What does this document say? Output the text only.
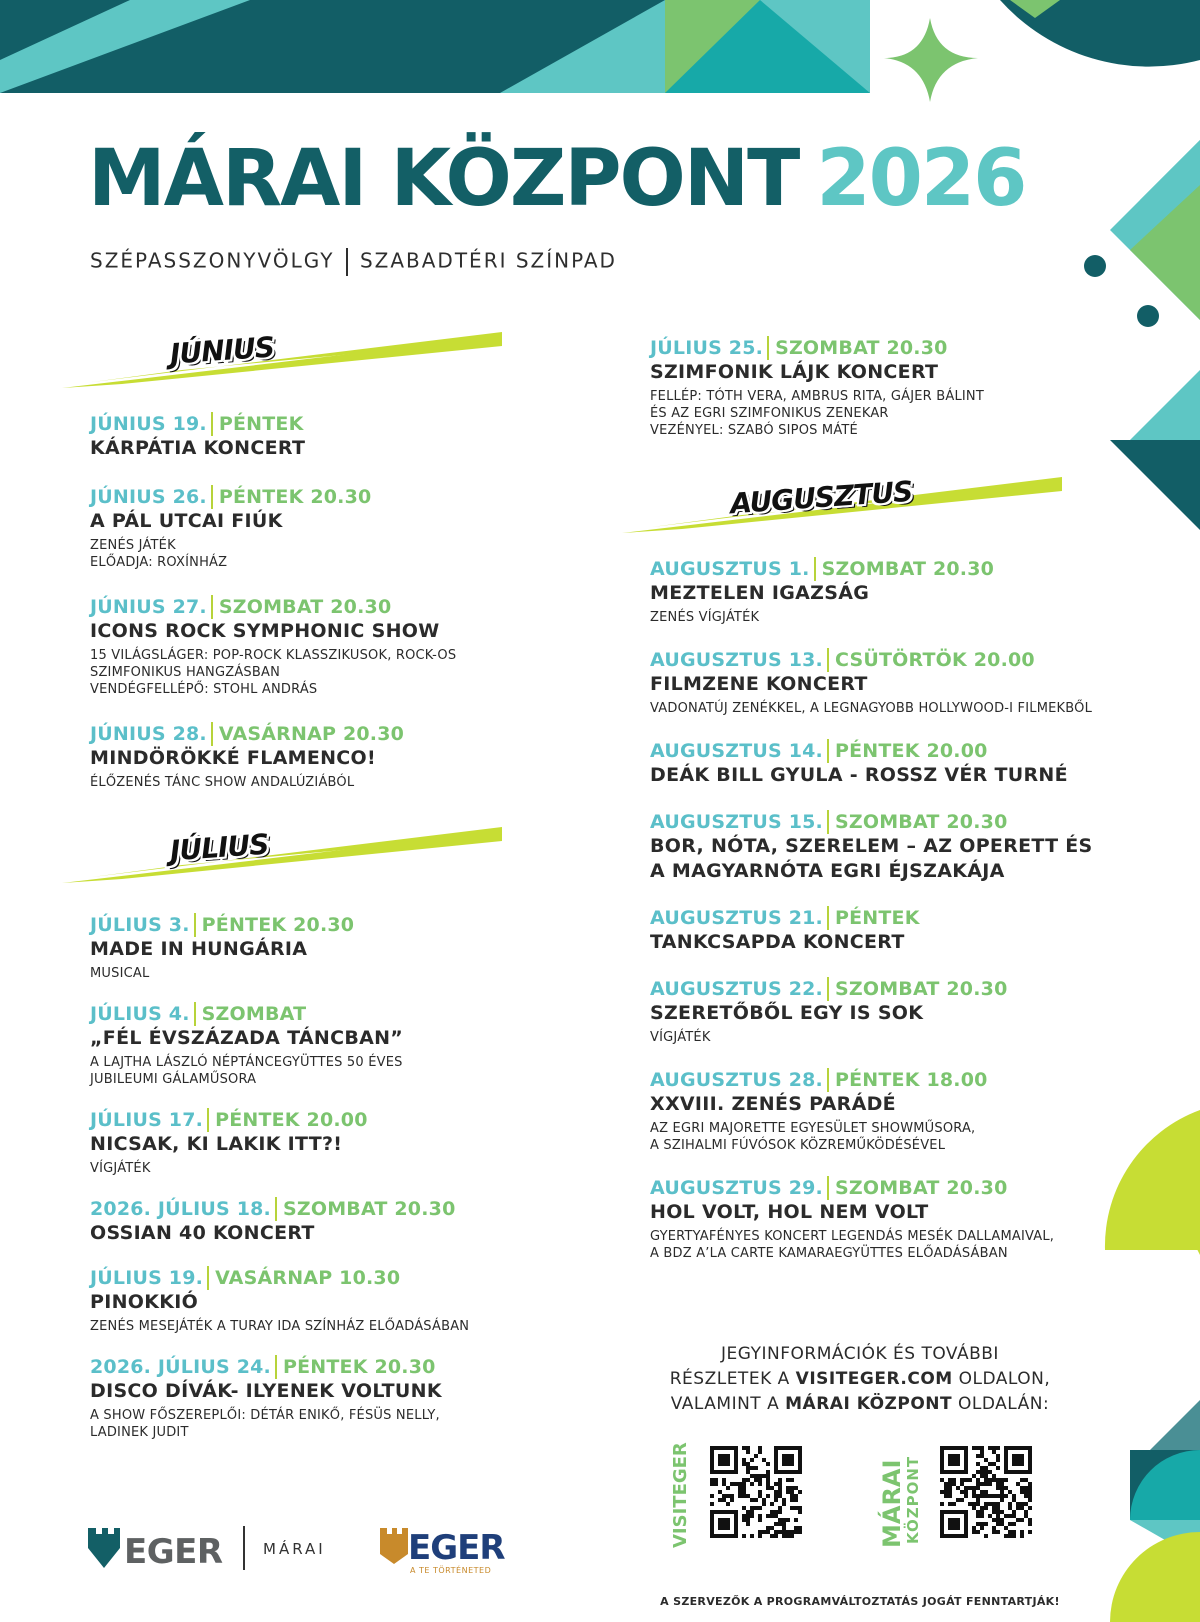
MÁRAI KÖZPONT 2026
SZÉPASSZONYVÖLGY SZABADTÉRI SZÍNPAD
JÚNIUS
JÚNIUS 19. PÉNTEK
KÁRPÁTIA KONCERT
JÚNIUS 26. PÉNTEK 20.30
A PÁL UTCAI FIÚK
ZENÉS JÁTÉK
ELŐADJA: ROXÍNHÁZ
JÚNIUS 27. SZOMBAT 20.30
ICONS ROCK SYMPHONIC SHOW
15 VILÁGSLÁGER: POP-ROCK KLASSZIKUSOK, ROCK-OS
SZIMFONIKUS HANGZÁSBAN
VENDÉGFELLÉPŐ: STOHL ANDRÁS
JÚNIUS 28. VASÁRNAP 20.30
MINDÖRÖKKÉ FLAMENCO!
ÉLŐZENÉS TÁNC SHOW ANDALÚZIÁBÓL
JÚLIUS
JÚLIUS 3. PÉNTEK 20.30
MADE IN HUNGÁRIA
MUSICAL
JÚLIUS 4. SZOMBAT
„FÉL ÉVSZÁZADA TÁNCBAN”
A LAJTHA LÁSZLÓ NÉPTÁNCEGYÜTTES 50 ÉVES
JUBILEUMI GÁLAMŰSORA
JÚLIUS 17. PÉNTEK 20.00
NICSAK, KI LAKIK ITT?!
VÍGJÁTÉK
2026. JÚLIUS 18. SZOMBAT 20.30
OSSIAN 40 KONCERT
JÚLIUS 19. VASÁRNAP 10.30
PINOKKIÓ
ZENÉS MESEJÁTÉK A TURAY IDA SZÍNHÁZ ELŐADÁSÁBAN
2026. JÚLIUS 24. PÉNTEK 20.30
DISCO DÍVÁK- ILYENEK VOLTUNK
A SHOW FŐSZEREPLŐI: DÉTÁR ENIKŐ, FÉSÜS NELLY,
LADINEK JUDIT
JÚLIUS 25. SZOMBAT 20.30
SZIMFONIK LÁJK KONCERT
FELLÉP: TÓTH VERA, AMBRUS RITA, GÁJER BÁLINT
ÉS AZ EGRI SZIMFONIKUS ZENEKAR
VEZÉNYEL: SZABÓ SIPOS MÁTÉ
AUGUSZTUS
AUGUSZTUS 1. SZOMBAT 20.30
MEZTELEN IGAZSÁG
ZENÉS VÍGJÁTÉK
AUGUSZTUS 13. CSÜTÖRTÖK 20.00
FILMZENE KONCERT
VADONATÚJ ZENÉKKEL, A LEGNAGYOBB HOLLYWOOD-I FILMEKBŐL
AUGUSZTUS 14. PÉNTEK 20.00
DEÁK BILL GYULA - ROSSZ VÉR TURNÉ
AUGUSZTUS 15. SZOMBAT 20.30
BOR, NÓTA, SZERELEM – AZ OPERETT ÉS
A MAGYARNÓTA EGRI ÉJSZAKÁJA
AUGUSZTUS 21. PÉNTEK
TANKCSAPDA KONCERT
AUGUSZTUS 22. SZOMBAT 20.30
SZERETŐBŐL EGY IS SOK
VÍGJÁTÉK
AUGUSZTUS 28. PÉNTEK 18.00
XXVIII. ZENÉS PARÁDÉ
AZ EGRI MAJORETTE EGYESÜLET SHOWMŰSORA,
A SZIHALMI FÚVÓSOK KÖZREMŰKÖDÉSÉVEL
AUGUSZTUS 29. SZOMBAT 20.30
HOL VOLT, HOL NEM VOLT
GYERTYAFÉNYES KONCERT LEGENDÁS MESÉK DALLAMAIVAL,
A BDZ A’LA CARTE KAMARAEGYÜTTES ELŐADÁSÁBAN
JEGYINFORMÁCIÓK ÉS TOVÁBBI
RÉSZLETEK A VISITEGER.COM OLDALON,
VALAMINT A MÁRAI KÖZPONT OLDALÁN:
VISITEGER	MÁRAI
KÖZPONT
A SZERVEZŐK A PROGRAMVÁLTOZTATÁS JOGÁT FENNTARTJÁK!
EGER	MÁRAI EGER
A TE TÖRTÉNETED
